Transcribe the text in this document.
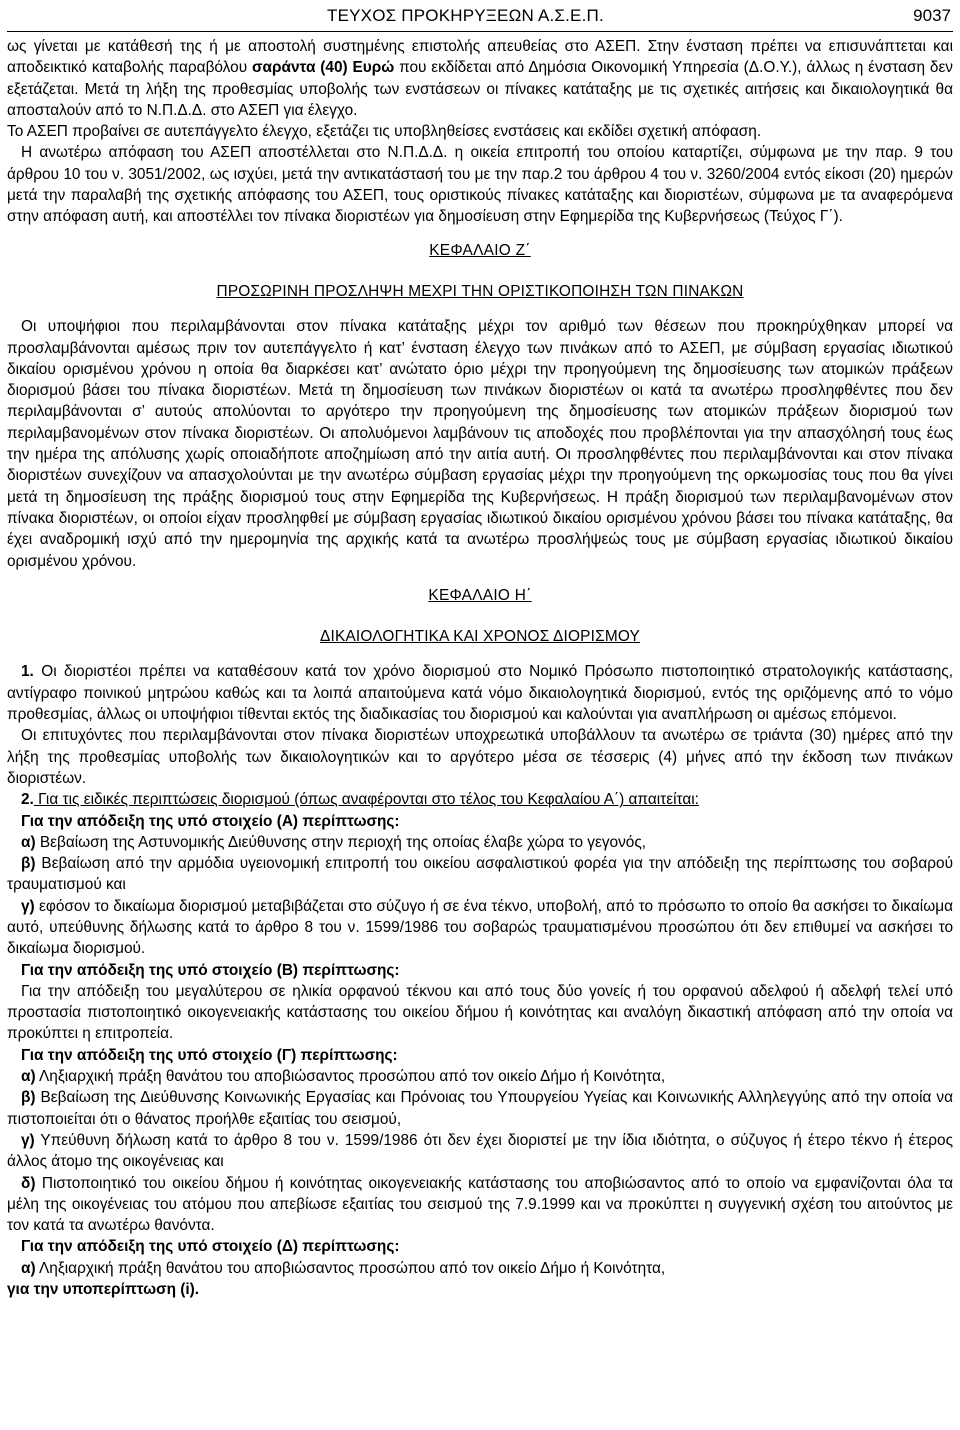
ΤΕΥΧΟΣ ΠΡΟΚΗΡΥΞΕΩΝ Α.Σ.Ε.Π.	9037

ως γίνεται με κατάθεσή της ή με αποστολή συστημένης επιστολής απευθείας στο ΑΣΕΠ. Στην ένσταση πρέπει να επισυνάπτεται και αποδεικτικό καταβολής παραβόλου σαράντα (40) Ευρώ που εκδίδεται από Δημόσια Οικονομική Υπηρεσία (Δ.Ο.Υ.), άλλως η ένσταση δεν εξετάζεται. Μετά τη λήξη της προθεσμίας υποβολής των ενστάσεων οι πίνακες κατάταξης με τις σχετικές αιτήσεις και δικαιολογητικά θα αποσταλούν από το Ν.Π.Δ.Δ. στο ΑΣΕΠ για έλεγχο.

Το ΑΣΕΠ προβαίνει σε αυτεπάγγελτο έλεγχο, εξετάζει τις υποβληθείσες ενστάσεις και εκδίδει σχετική απόφαση.

Η ανωτέρω απόφαση του ΑΣΕΠ αποστέλλεται στο Ν.Π.Δ.Δ. η οικεία επιτροπή του οποίου καταρτίζει, σύμφωνα με την παρ. 9 του άρθρου 10 του ν. 3051/2002, ως ισχύει, μετά την αντικατάστασή του με την παρ.2 του άρθρου 4 του ν. 3260/2004 εντός είκοσι (20) ημερών μετά την παραλαβή της σχετικής απόφασης του ΑΣΕΠ, τους οριστικούς πίνακες κατάταξης και διοριστέων, σύμφωνα με τα αναφερόμενα στην απόφαση αυτή, και αποστέλλει τον πίνακα διοριστέων για δημοσίευση στην Εφημερίδα της Κυβερνήσεως (Τεύχος Γ΄).

ΚΕΦΑΛΑΙΟ Ζ΄
ΠΡΟΣΩΡΙΝΗ ΠΡΟΣΛΗΨΗ ΜΕΧΡΙ ΤΗΝ ΟΡΙΣΤΙΚΟΠΟΙΗΣΗ ΤΩΝ ΠΙΝΑΚΩΝ

Οι υποψήφιοι που περιλαμβάνονται στον πίνακα κατάταξης μέχρι τον αριθμό των θέσεων που προκηρύχθηκαν μπορεί να προσλαμβάνονται αμέσως πριν τον αυτεπάγγελτο ή κατ’ ένσταση έλεγχο των πινάκων από το ΑΣΕΠ, με σύμβαση εργασίας ιδιωτικού δικαίου ορισμένου χρόνου η οποία θα διαρκέσει κατ’ ανώτατο όριο μέχρι την προηγούμενη της δημοσίευσης των ατομικών πράξεων διορισμού βάσει του πίνακα διοριστέων. Μετά τη δημοσίευση των πινάκων διοριστέων οι κατά τα ανωτέρω προσληφθέντες που δεν περιλαμβάνονται σ’ αυτούς απολύονται το αργότερο την προηγούμενη της δημοσίευσης των ατομικών πράξεων διορισμού των περιλαμβανομένων στον πίνακα διοριστέων. Οι απολυόμενοι λαμβάνουν τις αποδοχές που προβλέπονται για την απασχόλησή τους έως την ημέρα της απόλυσης χωρίς οποιαδήποτε αποζημίωση από την αιτία αυτή. Οι προσληφθέντες που περιλαμβάνονται και στον πίνακα διοριστέων συνεχίζουν να απασχολούνται με την ανωτέρω σύμβαση εργασίας μέχρι την προηγούμενη της ορκωμοσίας τους που θα γίνει μετά τη δημοσίευση της πράξης διορισμού τους στην Εφημερίδα της Κυβερνήσεως. Η πράξη διορισμού των περιλαμβανομένων στον πίνακα διοριστέων, οι οποίοι είχαν προσληφθεί με σύμβαση εργασίας ιδιωτικού δικαίου ορισμένου χρόνου βάσει του πίνακα κατάταξης, θα έχει αναδρομική ισχύ από την ημερομηνία της αρχικής κατά τα ανωτέρω προσλήψεώς τους με σύμβαση εργασίας ιδιωτικού δικαίου ορισμένου χρόνου.

ΚΕΦΑΛΑΙΟ Η΄
ΔΙΚΑΙΟΛΟΓΗΤΙΚΑ ΚΑΙ ΧΡΟΝΟΣ ΔΙΟΡΙΣΜΟΥ

1. Οι διοριστέοι πρέπει να καταθέσουν κατά τον χρόνο διορισμού στο Νομικό Πρόσωπο πιστοποιητικό στρατολογικής κατάστασης, αντίγραφο ποινικού μητρώου καθώς και τα λοιπά απαιτούμενα κατά νόμο δικαιολογητικά διορισμού, εντός της οριζόμενης από το νόμο προθεσμίας, άλλως οι υποψήφιοι τίθενται εκτός της διαδικασίας του διορισμού και καλούνται για αναπλήρωση οι αμέσως επόμενοι.

Οι επιτυχόντες που περιλαμβάνονται στον πίνακα διοριστέων υποχρεωτικά υποβάλλουν τα ανωτέρω σε τριάντα (30) ημέρες από την λήξη της προθεσμίας υποβολής των δικαιολογητικών και το αργότερο μέσα σε τέσσερις (4) μήνες από την έκδοση των πινάκων διοριστέων.

2. Για τις ειδικές περιπτώσεις διορισμού (όπως αναφέρονται στο τέλος του Κεφαλαίου Α΄) απαιτείται:

Για την απόδειξη της υπό στοιχείο (Α) περίπτωσης:

α) Βεβαίωση της Αστυνομικής Διεύθυνσης στην περιοχή της οποίας έλαβε χώρα το γεγονός,

β) Βεβαίωση από την αρμόδια υγειονομική επιτροπή του οικείου ασφαλιστικού φορέα για την απόδειξη της περίπτωσης του σοβαρού τραυματισμού και

γ) εφόσον το δικαίωμα διορισμού μεταβιβάζεται στο σύζυγο ή σε ένα τέκνο, υποβολή, από το πρόσωπο το οποίο θα ασκήσει το δικαίωμα αυτό, υπεύθυνης δήλωσης κατά το άρθρο 8 του ν. 1599/1986 του σοβαρώς τραυματισμένου προσώπου ότι δεν επιθυμεί να ασκήσει το δικαίωμα διορισμού.

Για την απόδειξη της υπό στοιχείο (Β) περίπτωσης:

Για την απόδειξη του μεγαλύτερου σε ηλικία ορφανού τέκνου και από τους δύο γονείς ή του ορφανού αδελφού ή αδελφή τελεί υπό προστασία πιστοποιητικό οικογενειακής κατάστασης του οικείου δήμου ή κοινότητας και αναλόγη δικαστική απόφαση από την οποία να προκύπτει η επιτροπεία.

Για την απόδειξη της υπό στοιχείο (Γ) περίπτωσης:

α) Ληξιαρχική πράξη θανάτου του αποβιώσαντος προσώπου από τον οικείο Δήμο ή Κοινότητα,

β) Βεβαίωση της Διεύθυνσης Κοινωνικής Εργασίας και Πρόνοιας του Υπουργείου Υγείας και Κοινωνικής Αλληλεγγύης από την οποία να πιστοποιείται ότι ο θάνατος προήλθε εξαιτίας του σεισμού,

γ) Υπεύθυνη δήλωση κατά το άρθρο 8 του ν. 1599/1986 ότι δεν έχει διοριστεί με την ίδια ιδιότητα, ο σύζυγος ή έτερο τέκνο ή έτερος άλλος άτομο της οικογένειας και

δ) Πιστοποιητικό του οικείου δήμου ή κοινότητας οικογενειακής κατάστασης του αποβιώσαντος από το οποίο να εμφανίζονται όλα τα μέλη της οικογένειας του ατόμου που απεβίωσε εξαιτίας του σεισμού της 7.9.1999 και να προκύπτει η συγγενική σχέση του αιτούντος με τον κατά τα ανωτέρω θανόντα.

Για την απόδειξη της υπό στοιχείο (Δ) περίπτωσης:

α) Ληξιαρχική πράξη θανάτου του αποβιώσαντος προσώπου από τον οικείο Δήμο ή Κοινότητα,

για την υποπερίπτωση (i).
